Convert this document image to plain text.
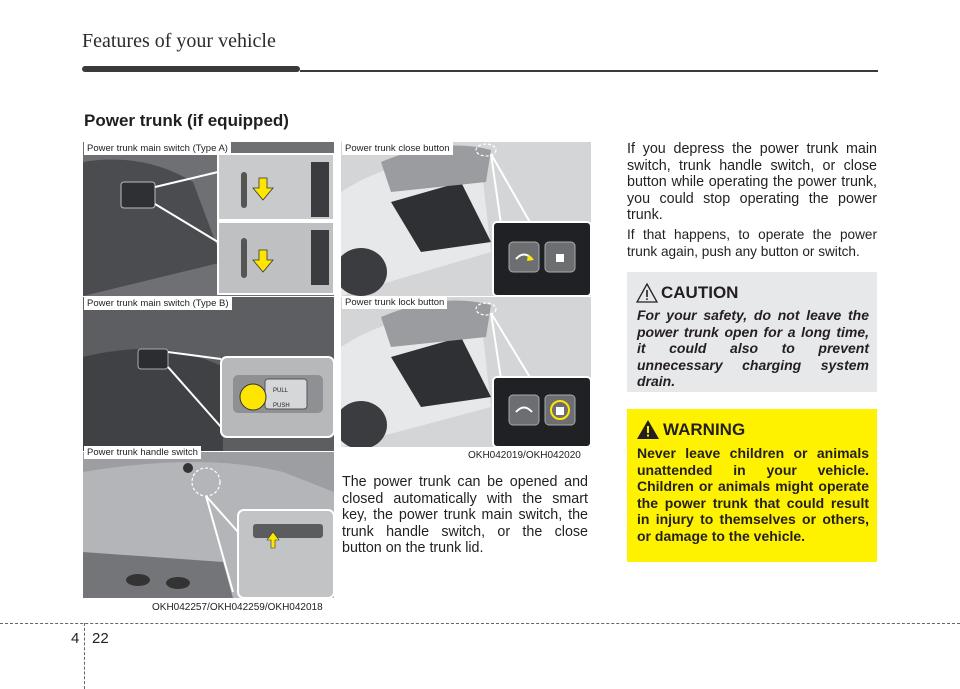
Features of your vehicle
Power trunk (if equipped)
Power trunk main switch (Type A)
PULL
PUSH
Power trunk main switch (Type B)
Power trunk handle switch
OKH042257/OKH042259/OKH042018
Power trunk close button
Power trunk lock button
OKH042019/OKH042020
The power trunk can be opened and closed automatically with the smart key, the power trunk main switch, the trunk handle switch, or the close button on the trunk lid.
If you depress the power trunk main switch, trunk handle switch, or close button while operating the power trunk, you could stop operating the power trunk.
If that happens, to operate the power trunk again, push any button or switch.
CAUTION
For your safety, do not leave the power trunk open for a long time, it could also to prevent unnecessary charging system drain.
WARNING
Never leave children or animals unattended in your vehicle. Children or animals might operate the power trunk that could result in injury to themselves or others, or damage to the vehicle.
4 22
